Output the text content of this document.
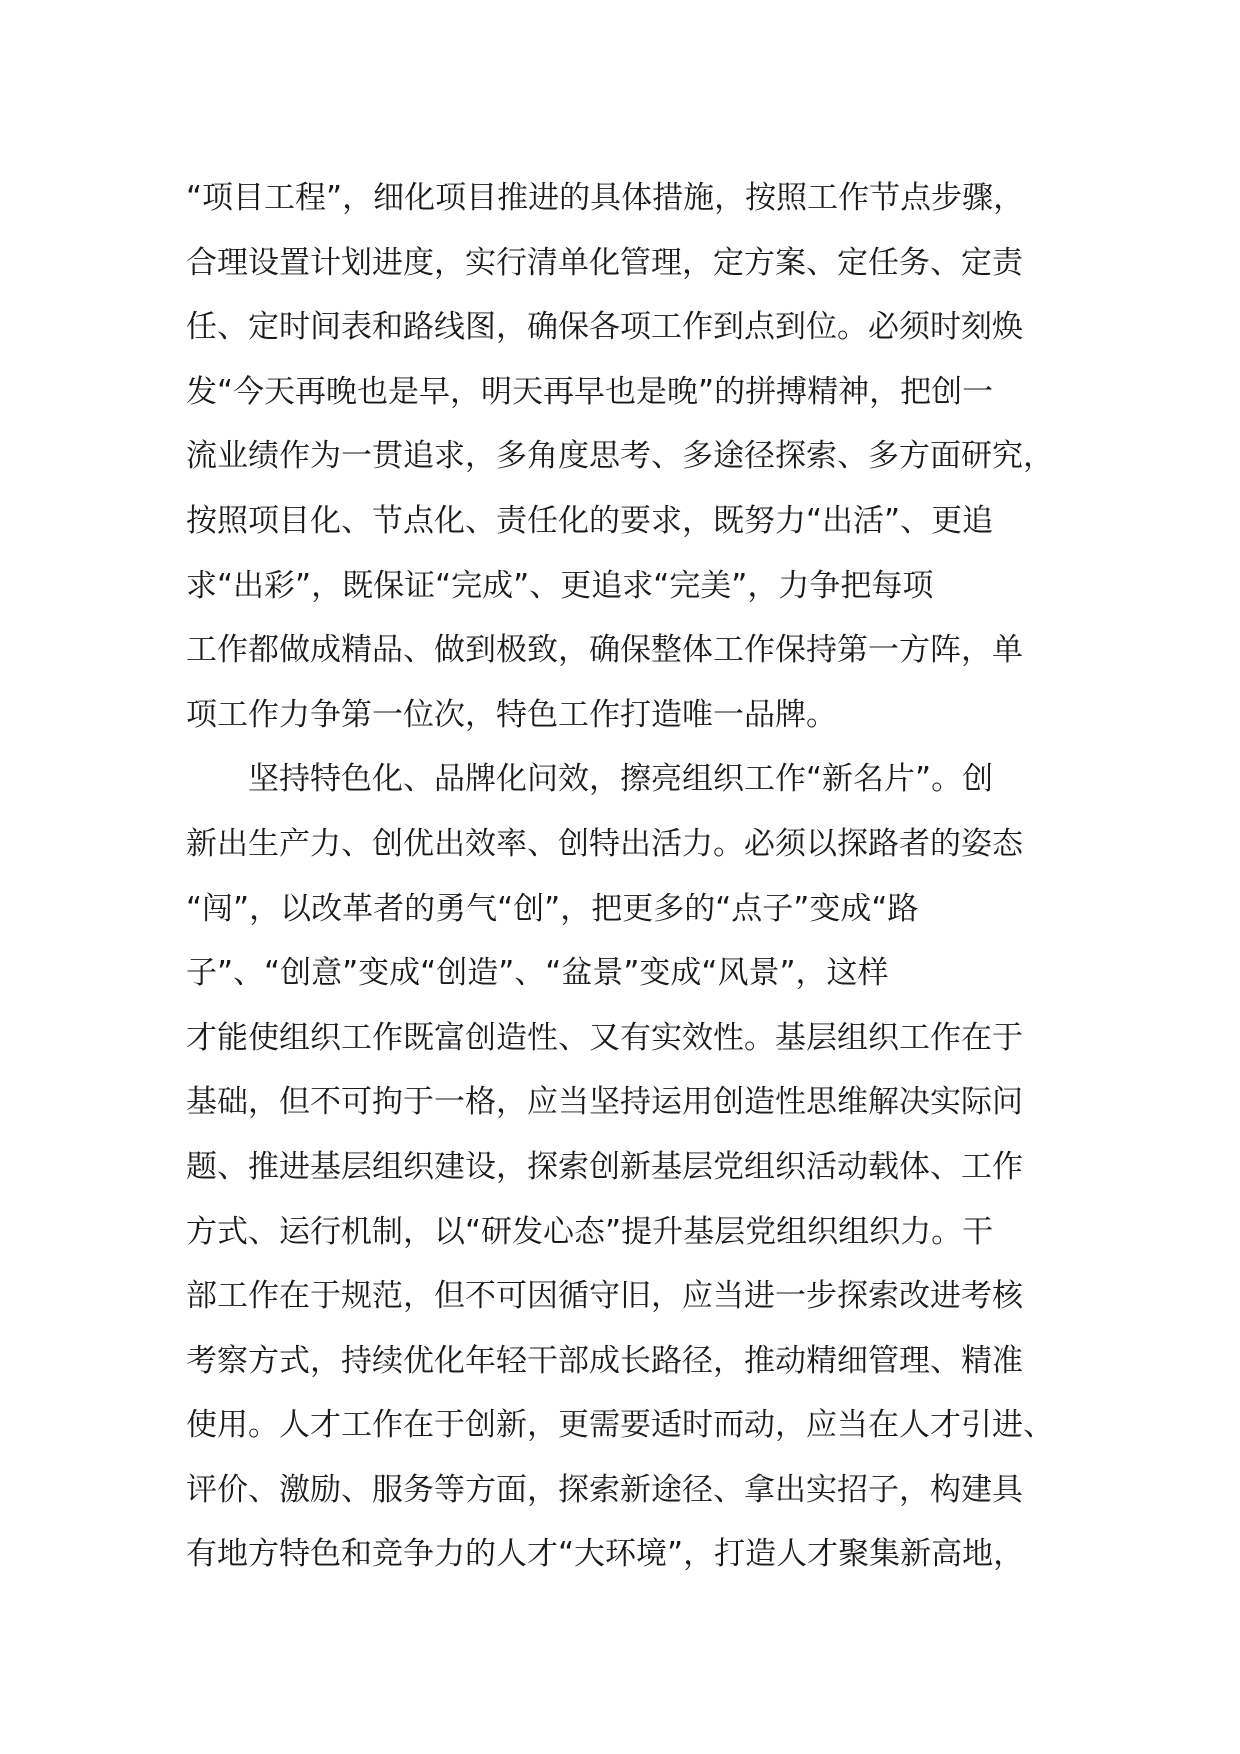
“项目工程”，细化项目推进的具体措施，按照工作节点步骤，
合理设置计划进度，实行清单化管理，定方案、定任务、定责
任、定时间表和路线图，确保各项工作到点到位。必须时刻焕
发“今天再晚也是早，明天再早也是晚”的拼搏精神，把创一
流业绩作为一贯追求，多角度思考、多途径探索、多方面研究，
按照项目化、节点化、责任化的要求，既努力“出活”、更追
求“出彩”，既保证“完成”、更追求“完美”，力争把每项
工作都做成精品、做到极致，确保整体工作保持第一方阵，单
项工作力争第一位次，特色工作打造唯一品牌。
坚持特色化、品牌化问效，擦亮组织工作“新名片”。创
新出生产力、创优出效率、创特出活力。必须以探路者的姿态
“闯”，以改革者的勇气“创”，把更多的“点子”变成“路
子”、“创意”变成“创造”、“盆景”变成“风景”，这样
才能使组织工作既富创造性、又有实效性。基层组织工作在于
基础，但不可拘于一格，应当坚持运用创造性思维解决实际问
题、推进基层组织建设，探索创新基层党组织活动载体、工作
方式、运行机制，以“研发心态”提升基层党组织组织力。干
部工作在于规范，但不可因循守旧，应当进一步探索改进考核
考察方式，持续优化年轻干部成长路径，推动精细管理、精准
使用。人才工作在于创新，更需要适时而动，应当在人才引进、
评价、激励、服务等方面，探索新途径、拿出实招子，构建具
有地方特色和竞争力的人才“大环境”，打造人才聚集新高地，
